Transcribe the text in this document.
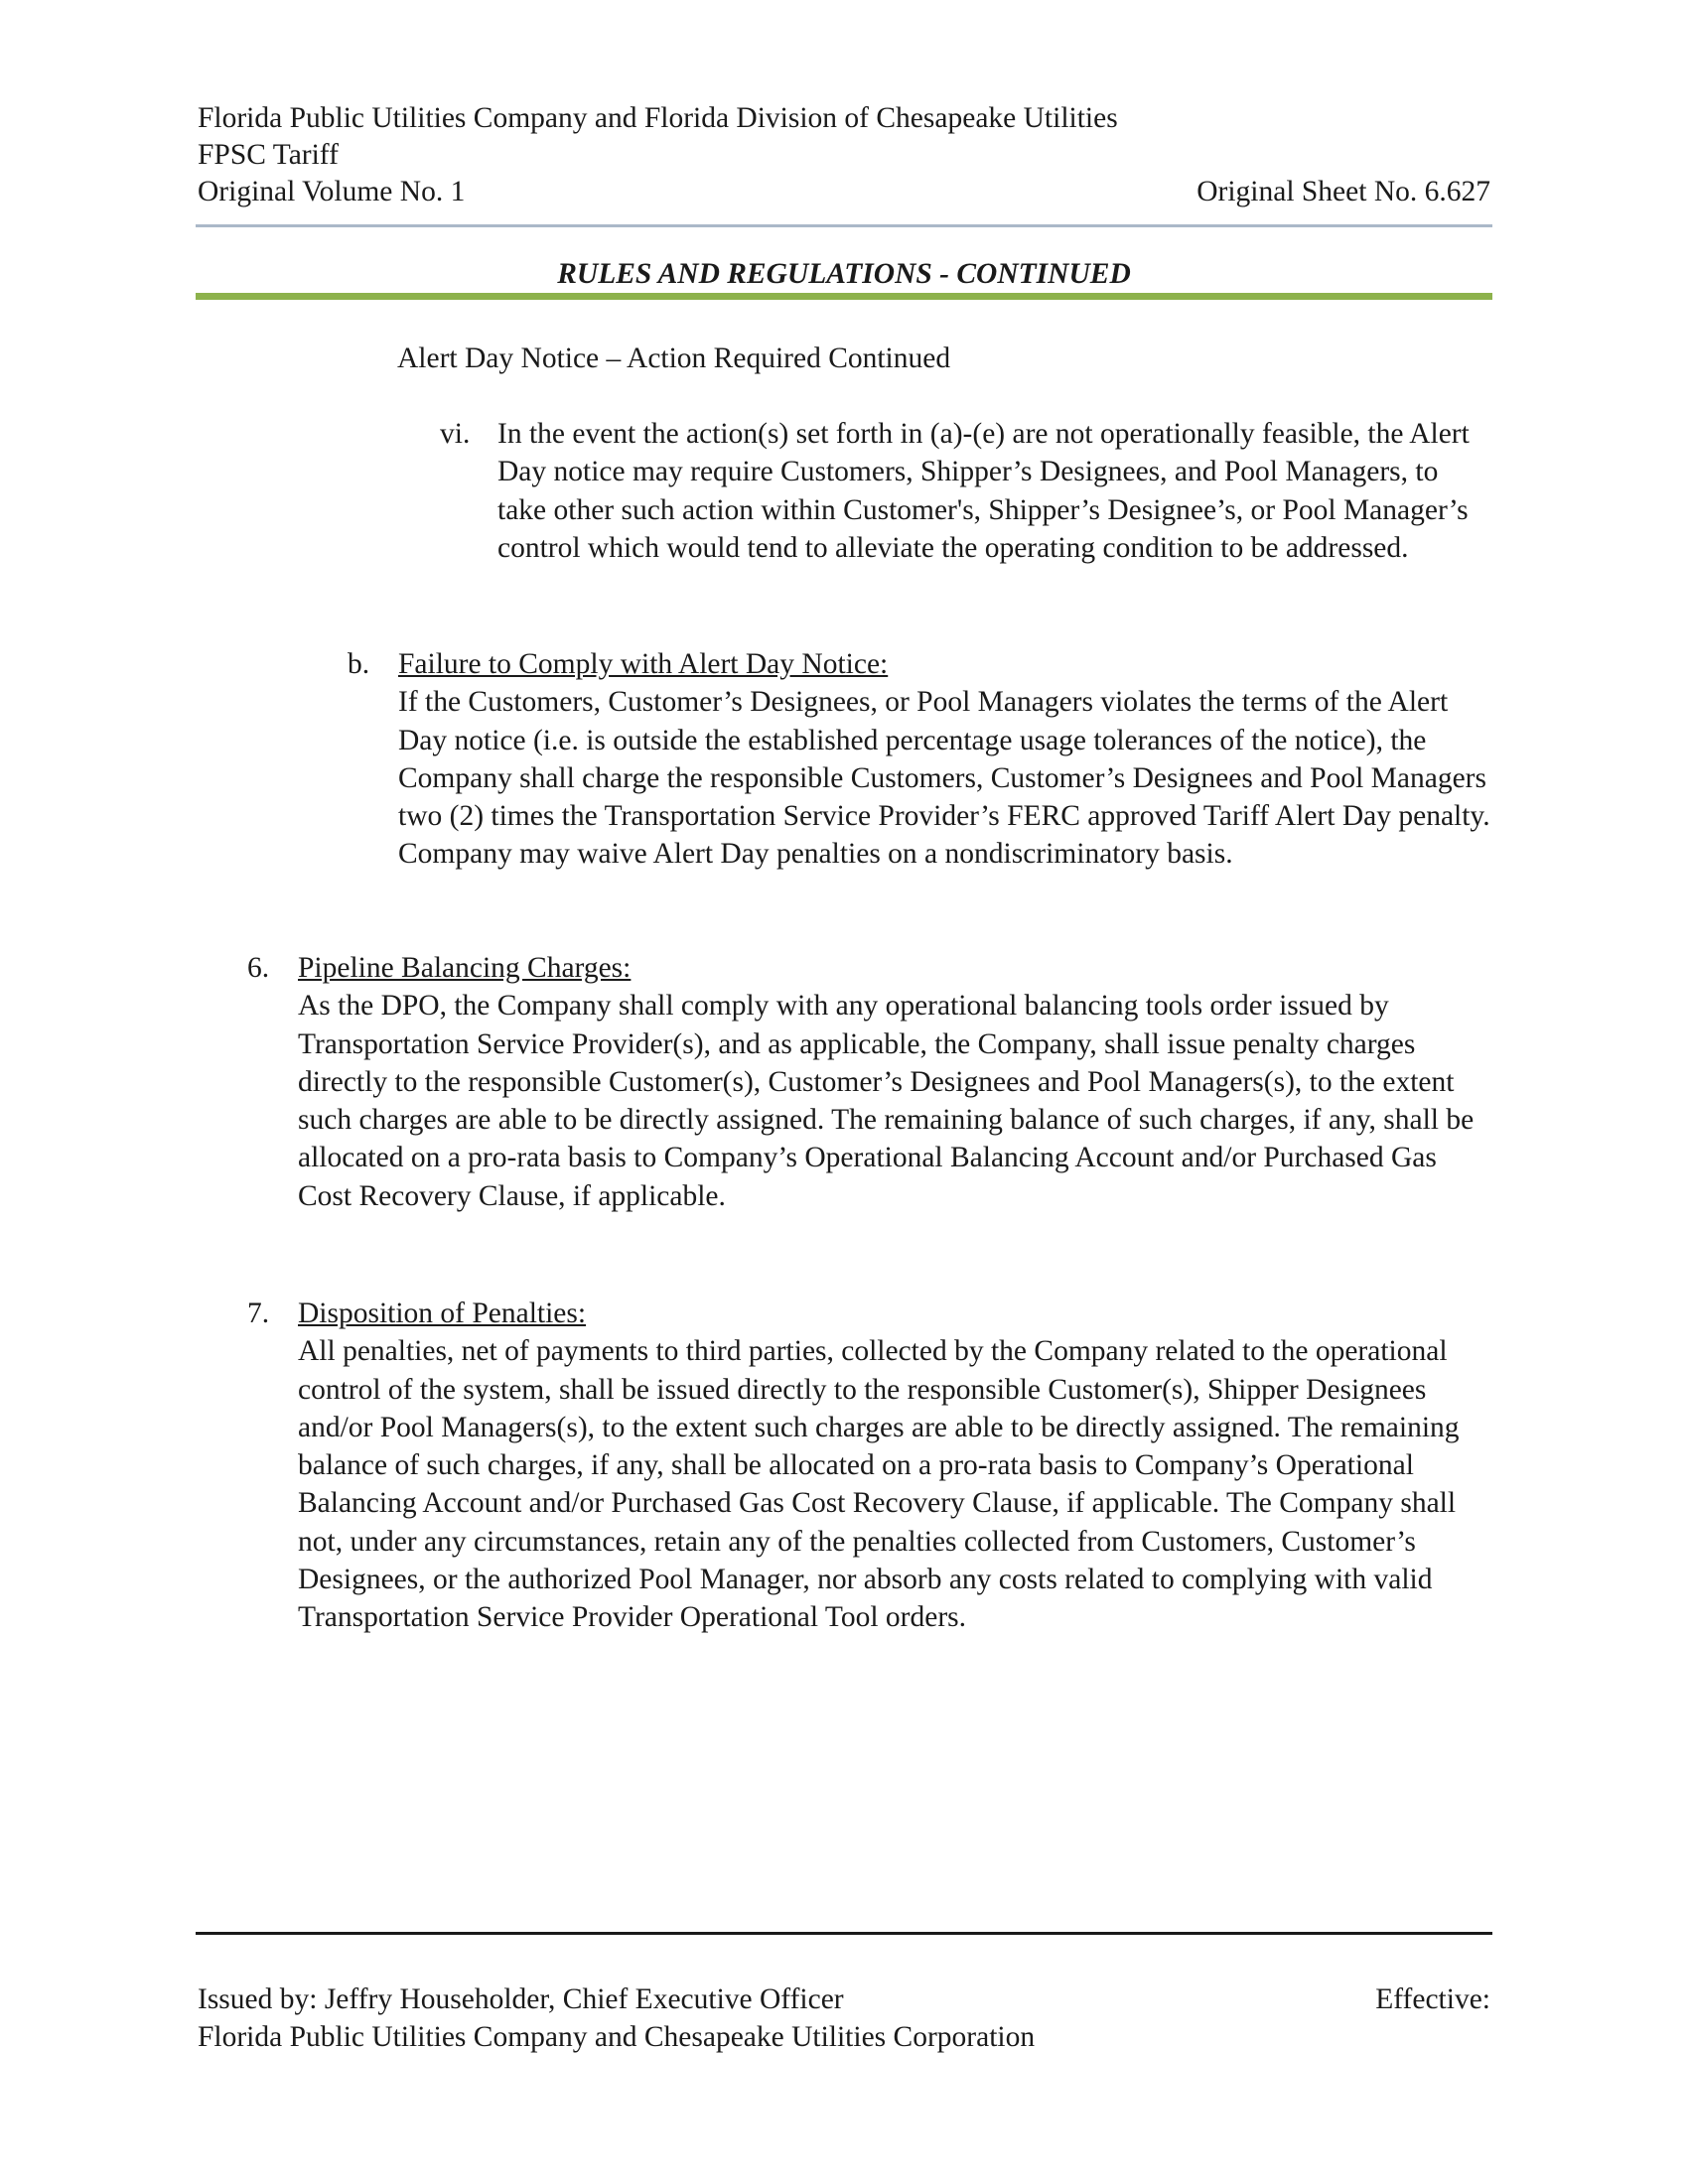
Florida Public Utilities Company and Florida Division of Chesapeake Utilities
FPSC Tariff
Original Volume No. 1	Original Sheet No. 6.627
RULES AND REGULATIONS - CONTINUED
Alert Day Notice – Action Required Continued
vi. In the event the action(s) set forth in (a)-(e) are not operationally feasible, the Alert Day notice may require Customers, Shipper’s Designees, and Pool Managers, to take other such action within Customer's, Shipper’s Designee’s, or Pool Manager’s control which would tend to alleviate the operating condition to be addressed.

b. Failure to Comply with Alert Day Notice:
If the Customers, Customer’s Designees, or Pool Managers violates the terms of the Alert Day notice (i.e. is outside the established percentage usage tolerances of the notice), the Company shall charge the responsible Customers, Customer’s Designees and Pool Managers two (2) times the Transportation Service Provider’s FERC approved Tariff Alert Day penalty. Company may waive Alert Day penalties on a nondiscriminatory basis.
6. Pipeline Balancing Charges:
As the DPO, the Company shall comply with any operational balancing tools order issued by Transportation Service Provider(s), and as applicable, the Company, shall issue penalty charges directly to the responsible Customer(s), Customer’s Designees and Pool Managers(s), to the extent such charges are able to be directly assigned. The remaining balance of such charges, if any, shall be allocated on a pro-rata basis to Company’s Operational Balancing Account and/or Purchased Gas Cost Recovery Clause, if applicable.
7. Disposition of Penalties:
All penalties, net of payments to third parties, collected by the Company related to the operational control of the system, shall be issued directly to the responsible Customer(s), Shipper Designees and/or Pool Managers(s), to the extent such charges are able to be directly assigned. The remaining balance of such charges, if any, shall be allocated on a pro-rata basis to Company’s Operational Balancing Account and/or Purchased Gas Cost Recovery Clause, if applicable. The Company shall not, under any circumstances, retain any of the penalties collected from Customers, Customer’s Designees, or the authorized Pool Manager, nor absorb any costs related to complying with valid Transportation Service Provider Operational Tool orders.
Issued by: Jeffry Householder, Chief Executive Officer	Effective:
Florida Public Utilities Company and Chesapeake Utilities Corporation
